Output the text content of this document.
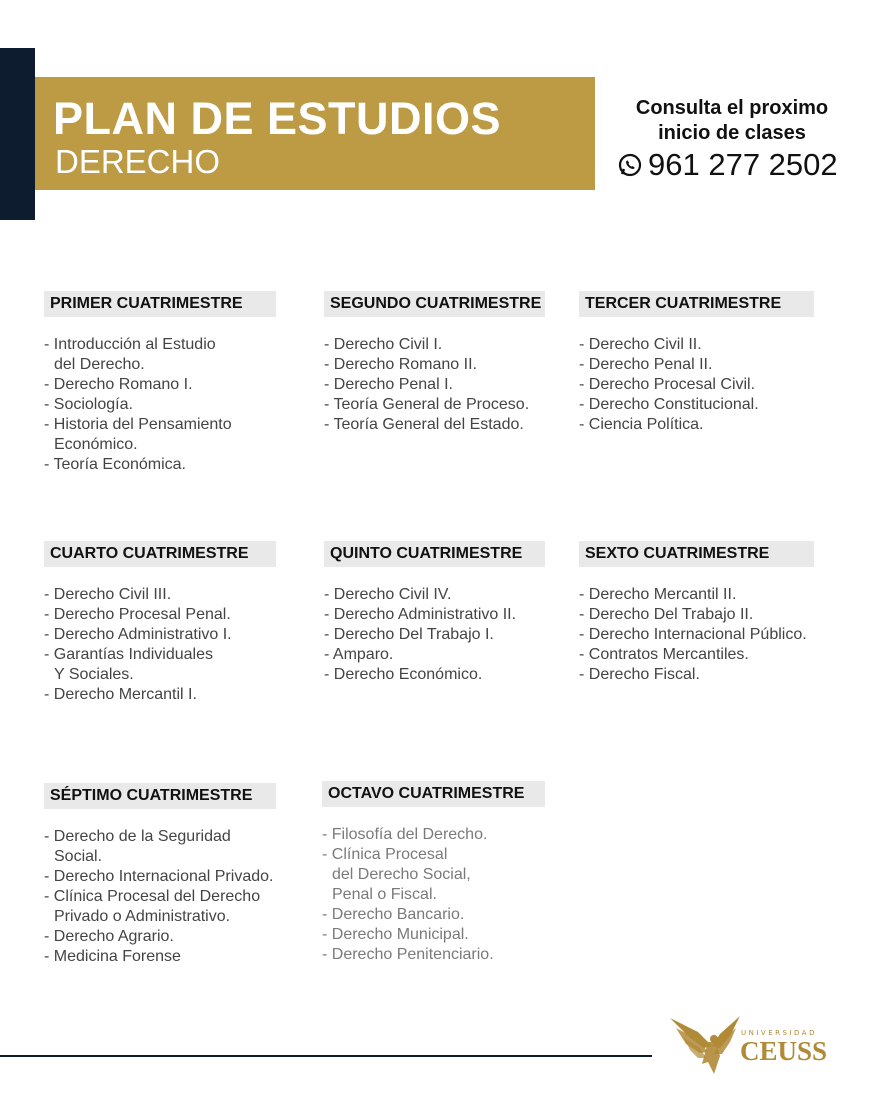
PLAN DE ESTUDIOS
DERECHO
Consulta el proximo
inicio de clases
961 277 2502
PRIMER CUATRIMESTRE
- Introducción al Estudio
del Derecho.
- Derecho Romano I.
- Sociología.
- Historia del Pensamiento
Económico.
- Teoría Económica.
SEGUNDO CUATRIMESTRE
- Derecho Civil I.
- Derecho Romano II.
- Derecho Penal I.
- Teoría General de Proceso.
- Teoría General del Estado.
TERCER CUATRIMESTRE
- Derecho Civil II.
- Derecho Penal II.
- Derecho Procesal Civil.
- Derecho Constitucional.
- Ciencia Política.
CUARTO CUATRIMESTRE
- Derecho Civil III.
- Derecho Procesal Penal.
- Derecho Administrativo I.
- Garantías Individuales
Y Sociales.
- Derecho Mercantil I.
QUINTO CUATRIMESTRE
- Derecho Civil IV.
- Derecho Administrativo II.
- Derecho Del Trabajo I.
- Amparo.
- Derecho Económico.
SEXTO CUATRIMESTRE
- Derecho Mercantil II.
- Derecho Del Trabajo II.
- Derecho Internacional Público.
- Contratos Mercantiles.
- Derecho Fiscal.
SÉPTIMO CUATRIMESTRE
- Derecho de la Seguridad
Social.
- Derecho Internacional Privado.
- Clínica Procesal del Derecho
Privado o Administrativo.
- Derecho Agrario.
- Medicina Forense
OCTAVO CUATRIMESTRE
- Filosofía del Derecho.
- Clínica Procesal
del Derecho Social,
Penal o Fiscal.
- Derecho Bancario.
- Derecho Municipal.
- Derecho Penitenciario.
UNIVERSIDAD
CEUSS
